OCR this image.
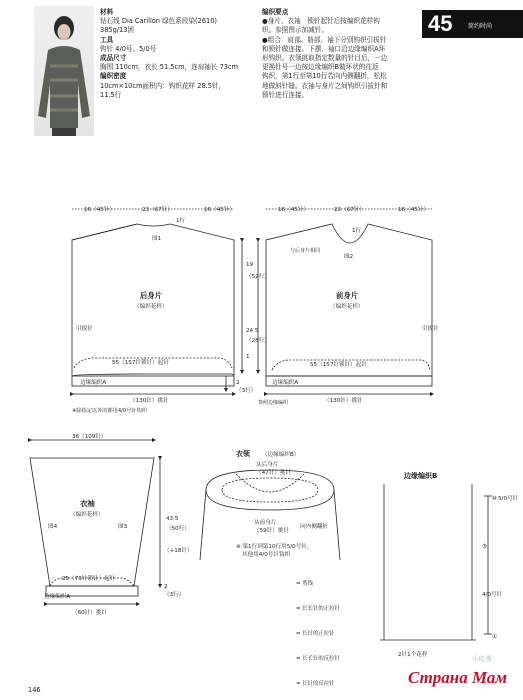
材料
钻石线 Dia Carillon 绿色系段染(2610)
385g/13团
工具
钩针 4/0号、5/0号
成品尺寸
胸围 110cm，衣长 51.5cm，连肩袖长 73cm
编织密度
10cm×10cm面积内：钩织花样 28.5针，
11.5行
编织要点
●身片、衣袖　锁针起针后按编织花样钩
织。参照图示加减针。
●组合　肩部、胁部、袖下分别钩织引拔针
和锁针做连接。下摆、袖口沿边缘编织A环
形钩织。衣领挑取指定数量的针目后，一边
更换针号一边按边缘编织B做环状的往返
钩织，第1行至第10行若向内侧翻折，松松
地做斜针缝。衣袖与身片之间钩织引拔针和
锁针进行连接。
45	简约时尚
16（45针）	23（67针）	16（45针）
图1
1行
后身片
（编织花样）
引拔针
55（157针锁针）起针
边缘编织A
（130针）挑针
※除指定以外的都用4/0号针钩织
19
（52行）
24.5
（28行）
1
2
（3行）
16（45针）	23（67针）	16（45针）
图2
1行
与后身片相同
前身片
（编织花样）
引拔针
55（157针锁针）起针
边缘编织A
（130针）挑针
参照边缘编织
36（109针）
衣袖
（编织花样）
图4	图3
25（73针锁针）起针
边缘编织A
（60针）挑针
43.5
（50行）
（+18针）
2
（3行）
衣领 （边缘编织B）
从后身片
（47针）挑针
从前身片
（59针）挑针
向内侧翻折
※ 第1行到第10行用5/0号针，
其他用4/0号针钩织
边缘编织B
⑩ 5/0号针
⑤
4/0号针
①
2针1个花样
= 剪线
= 长长针的正拉针
= 长针的正拉针
= 长长针的反拉针
= 长针的反拉针
146
小红书
Страна Мам
